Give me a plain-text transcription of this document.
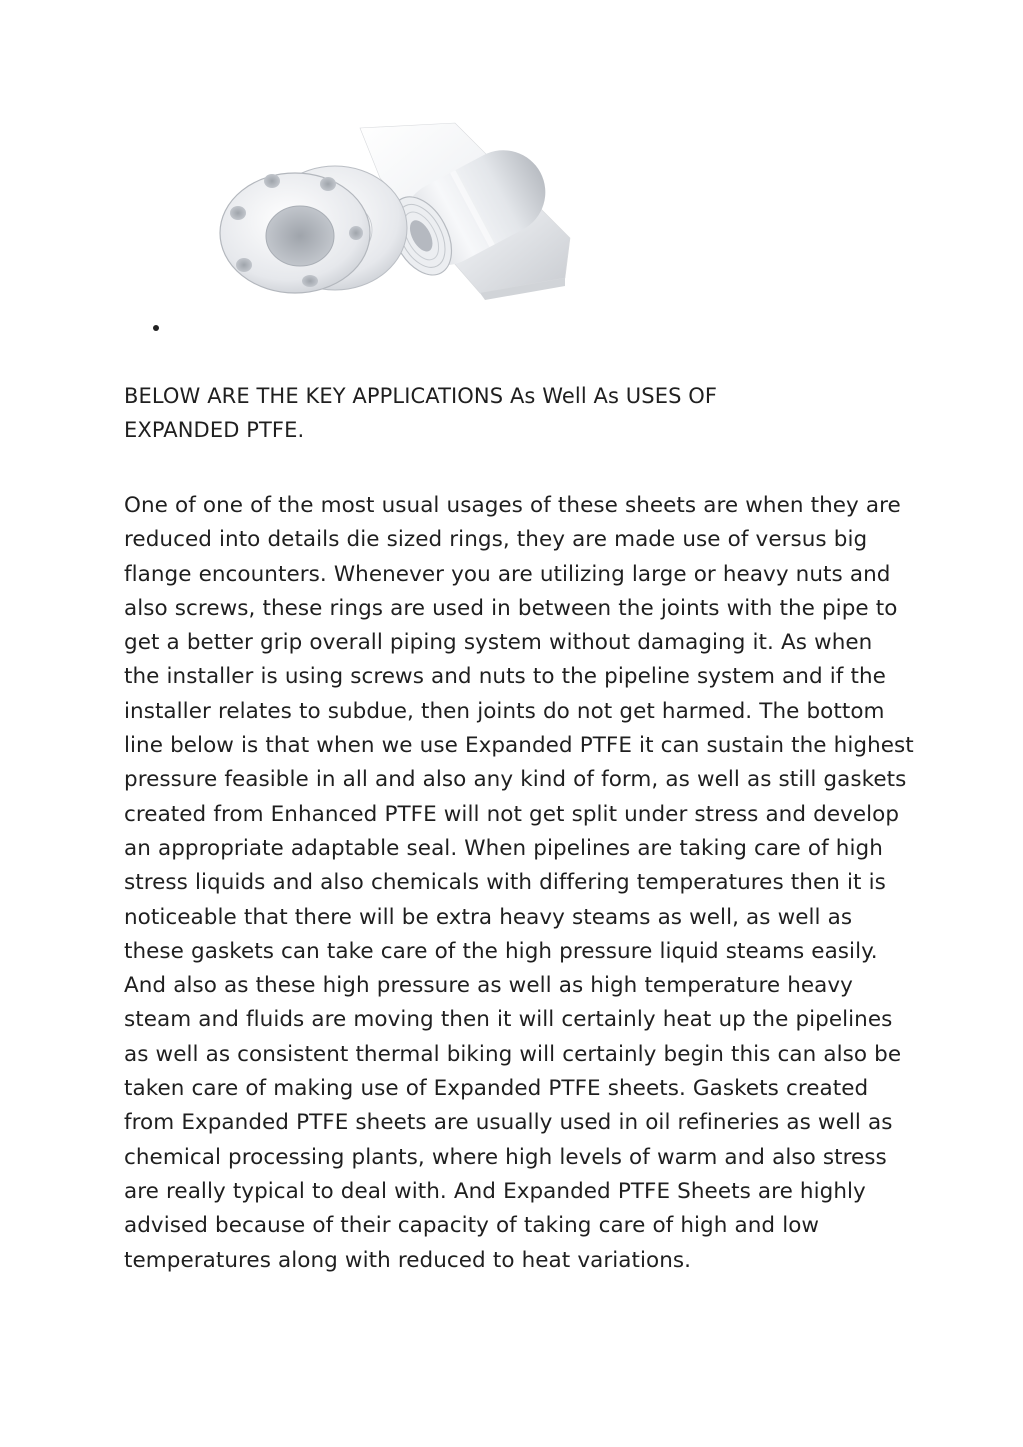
BELOW ARE THE KEY APPLICATIONS As Well As USES OF EXPANDED PTFE.

One of one of the most usual usages of these sheets are when they are reduced into details die sized rings, they are made use of versus big flange encounters. Whenever you are utilizing large or heavy nuts and also screws, these rings are used in between the joints with the pipe to get a better grip overall piping system without damaging it. As when the installer is using screws and nuts to the pipeline system and if the installer relates to subdue, then joints do not get harmed. The bottom line below is that when we use Expanded PTFE it can sustain the highest pressure feasible in all and also any kind of form, as well as still gaskets created from Enhanced PTFE will not get split under stress and develop an appropriate adaptable seal. When pipelines are taking care of high stress liquids and also chemicals with differing temperatures then it is noticeable that there will be extra heavy steams as well, as well as these gaskets can take care of the high pressure liquid steams easily. And also as these high pressure as well as high temperature heavy steam and fluids are moving then it will certainly heat up the pipelines as well as consistent thermal biking will certainly begin this can also be taken care of making use of Expanded PTFE sheets. Gaskets created from Expanded PTFE sheets are usually used in oil refineries as well as chemical processing plants, where high levels of warm and also stress are really typical to deal with. And Expanded PTFE Sheets are highly advised because of their capacity of taking care of high and low temperatures along with reduced to heat variations.
